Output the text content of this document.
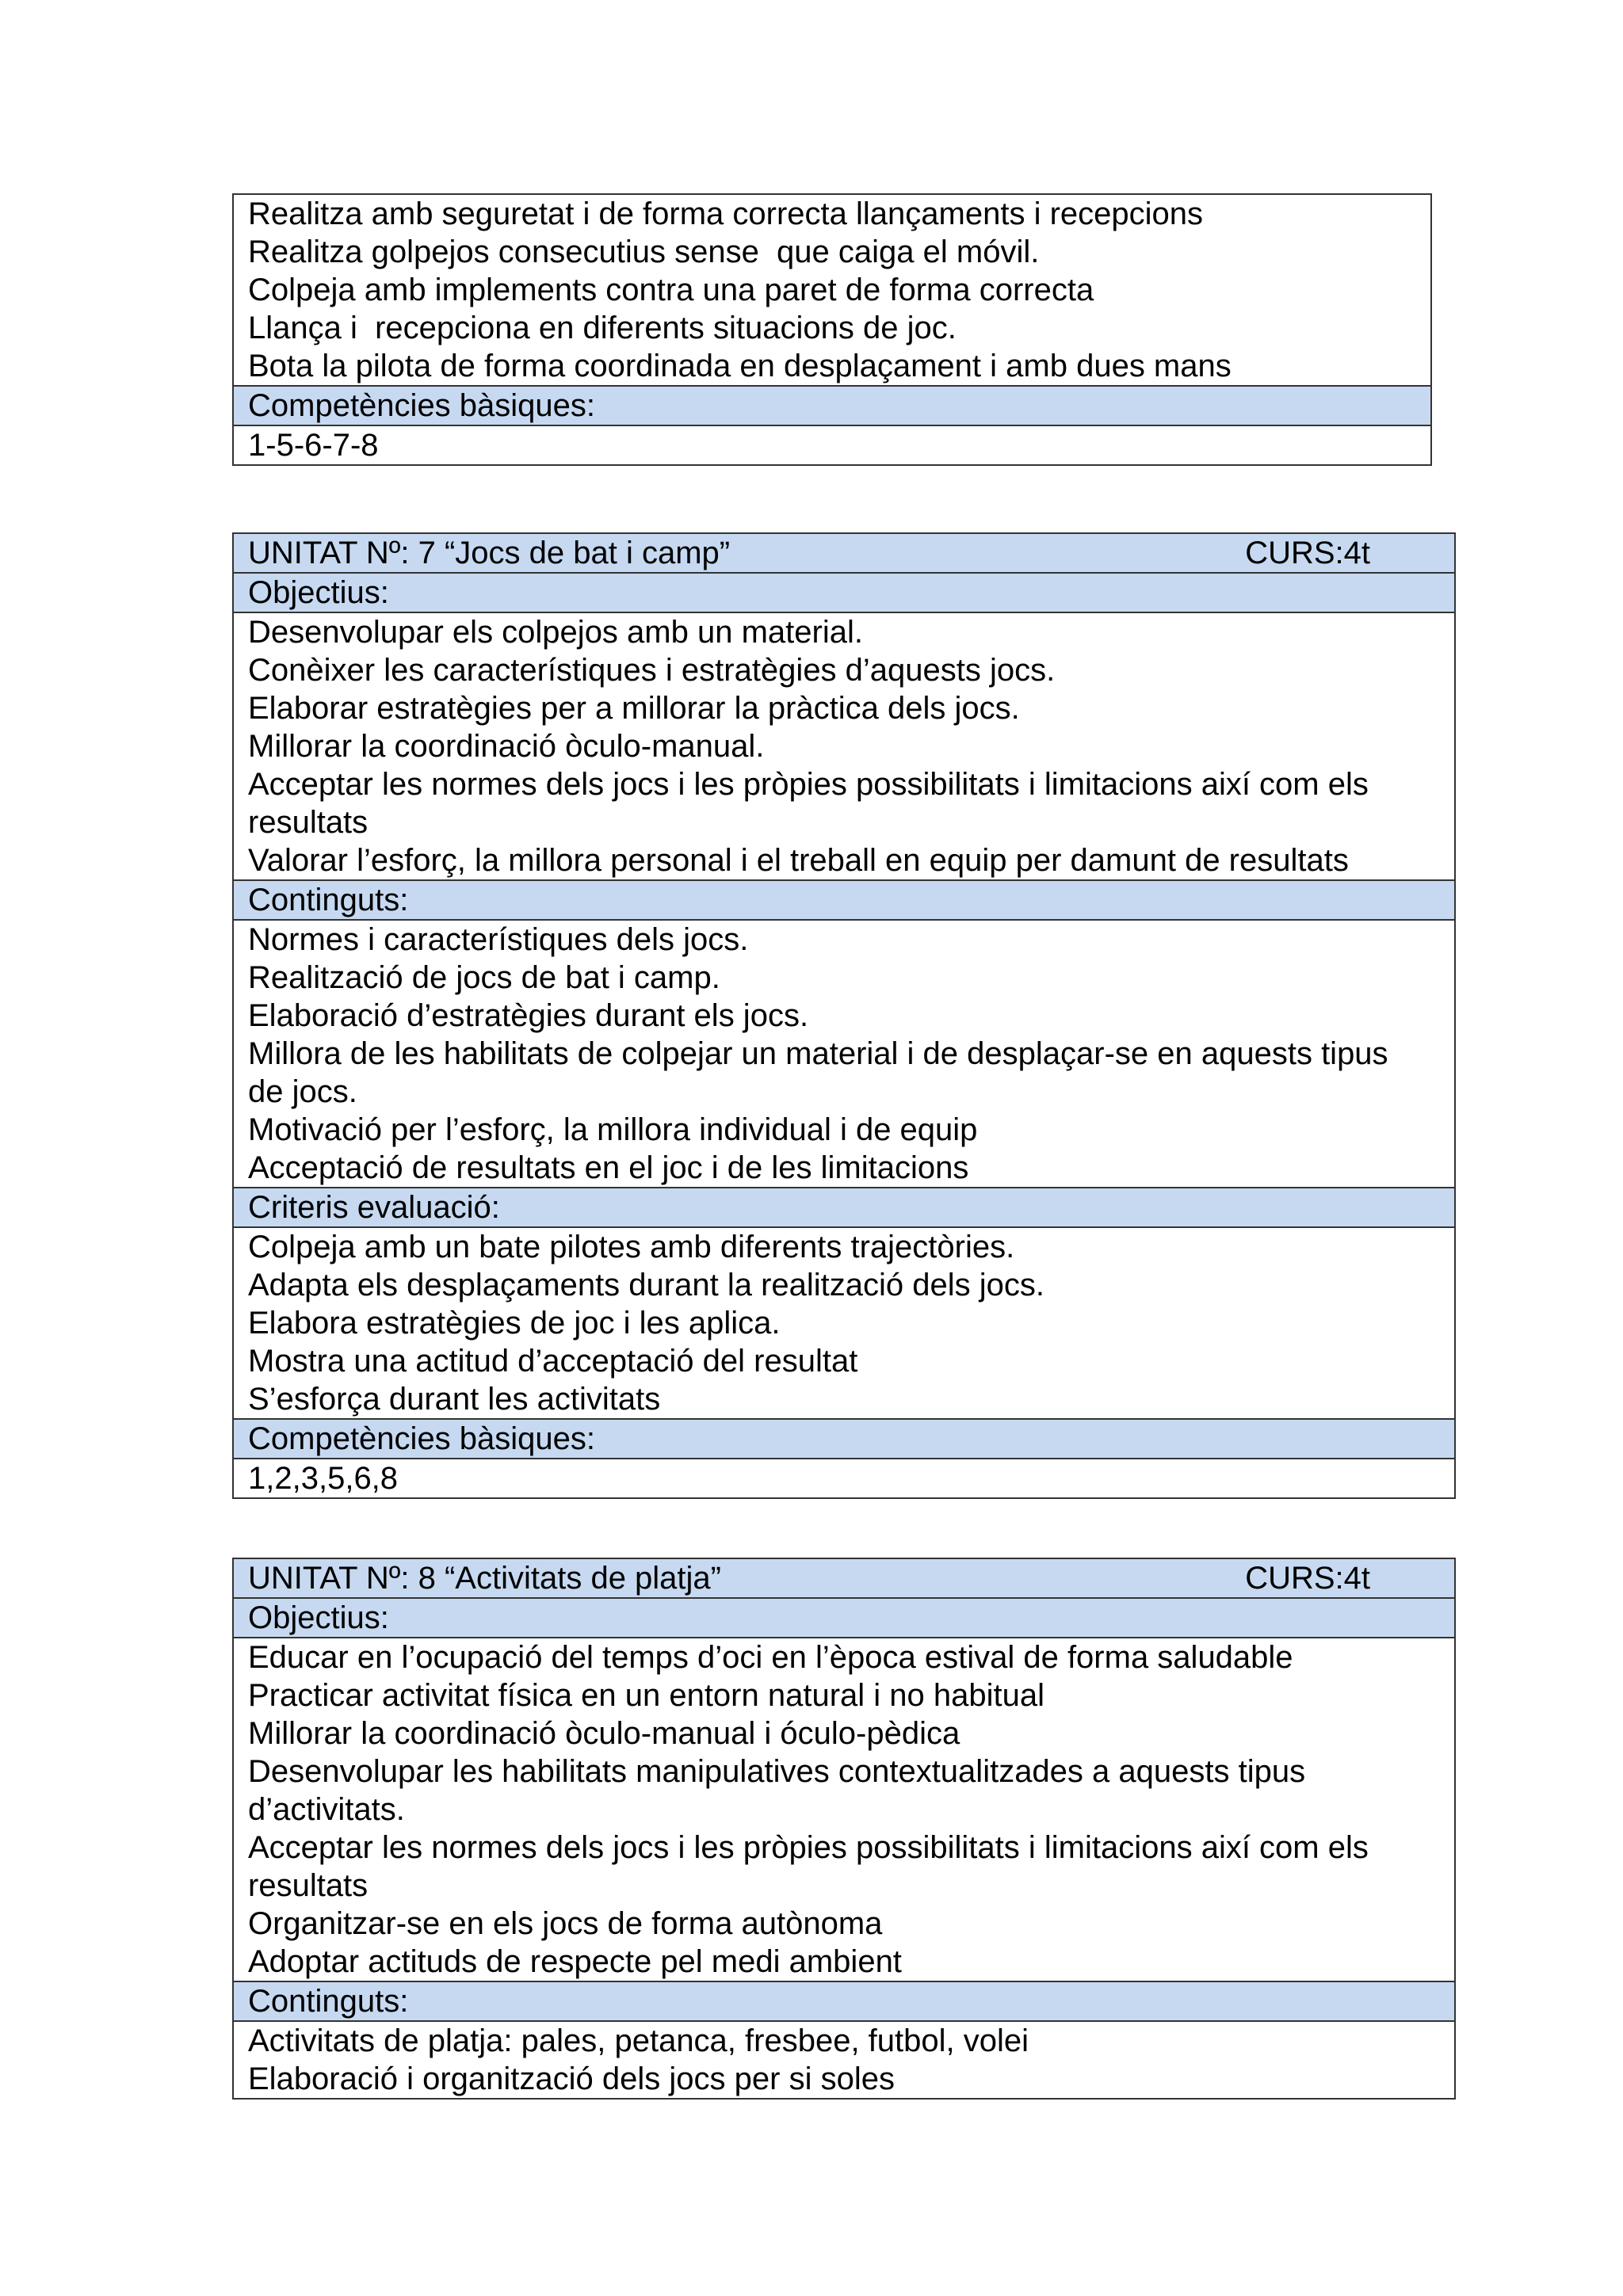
Realitza amb seguretat i de forma correcta llançaments i recepcions
Realitza golpejos consecutius sense  que caiga el móvil.
Colpeja amb implements contra una paret de forma correcta
Llança i  recepciona en diferents situacions de joc.
Bota la pilota de forma coordinada en desplaçament i amb dues mans
Competències bàsiques:
1-5-6-7-8
UNITAT Nº: 7 “Jocs de bat i camp”	CURS:4t
Objectius:
Desenvolupar els colpejos amb un material.
Conèixer les característiques i estratègies d’aquests jocs.
Elaborar estratègies per a millorar la pràctica dels jocs.
Millorar la coordinació òculo-manual.
Acceptar les normes dels jocs i les pròpies possibilitats i limitacions així com els
resultats
Valorar l’esforç, la millora personal i el treball en equip per damunt de resultats
Continguts:
Normes i característiques dels jocs.
Realització de jocs de bat i camp.
Elaboració d’estratègies durant els jocs.
Millora de les habilitats de colpejar un material i de desplaçar-se en aquests tipus
de jocs.
Motivació per l’esforç, la millora individual i de equip
Acceptació de resultats en el joc i de les limitacions
Criteris evaluació:
Colpeja amb un bate pilotes amb diferents trajectòries.
Adapta els desplaçaments durant la realització dels jocs.
Elabora estratègies de joc i les aplica.
Mostra una actitud d’acceptació del resultat
S’esforça durant les activitats
Competències bàsiques:
1,2,3,5,6,8
UNITAT Nº: 8 “Activitats de platja”	CURS:4t
Objectius:
Educar en l’ocupació del temps d’oci en l’època estival de forma saludable
Practicar activitat física en un entorn natural i no habitual
Millorar la coordinació òculo-manual i óculo-pèdica
Desenvolupar les habilitats manipulatives contextualitzades a aquests tipus
d’activitats.
Acceptar les normes dels jocs i les pròpies possibilitats i limitacions així com els
resultats
Organitzar-se en els jocs de forma autònoma
Adoptar actituds de respecte pel medi ambient
Continguts:
Activitats de platja: pales, petanca, fresbee, futbol, volei
Elaboració i organització dels jocs per si soles
